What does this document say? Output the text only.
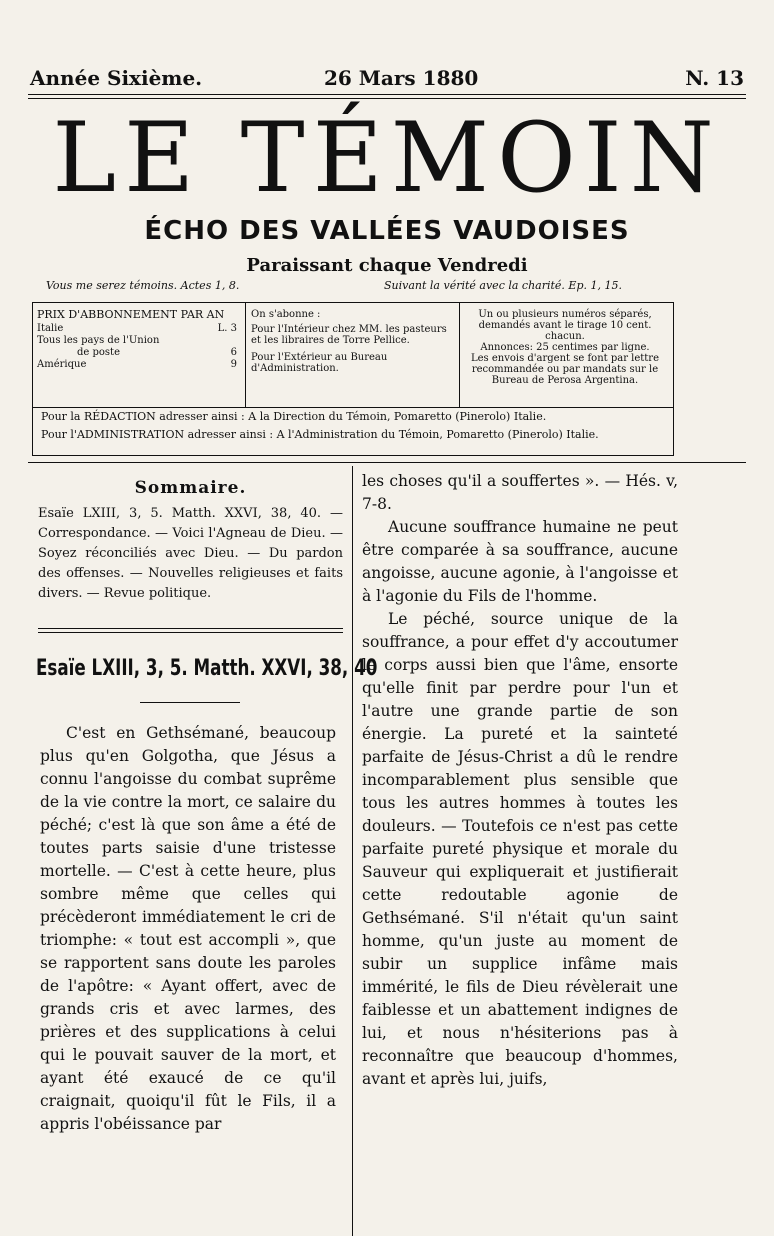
Année Sixième.	26 Mars 1880	N. 13
LE TÉMOIN
ÉCHO DES VALLÉES VAUDOISES
Paraissant chaque Vendredi
Vous me serez témoins. Actes 1, 8.	Suivant la vérité avec la charité. Ep. 1, 15.
PRIX D'ABBONNEMENT PAR AN
Italie	L. 3
Tous les pays de l'Union
de poste	6
Amérique	9
On s'abonne :
Pour l'Intérieur chez MM. les pasteurs et les libraires de Torre Pellice.
Pour l'Extérieur au Bureau d'Administration.
Un ou plusieurs numéros séparés, demandés avant le tirage 10 cent. chacun.
Annonces: 25 centimes par ligne.
Les envois d'argent se font par lettre recommandée ou par mandats sur le Bureau de Perosa Argentina.
Pour la RÉDACTION adresser ainsi : A la Direction du Témoin, Pomaretto (Pinerolo) Italie.
Pour l'ADMINISTRATION adresser ainsi : A l'Administration du Témoin, Pomaretto (Pinerolo) Italie.
Sommaire.
Esaïe LXIII, 3, 5. Matth. XXVI, 38, 40. — Correspondance. — Voici l'Agneau de Dieu. — Soyez réconciliés avec Dieu. — Du pardon des offenses. — Nouvelles religieuses et faits divers. — Revue politique.
Esaïe LXIII, 3, 5. Matth. XXVI, 38, 40

C'est en Gethsémané, beaucoup plus qu'en Golgotha, que Jésus a connu l'angoisse du combat suprême de la vie contre la mort, ce salaire du péché; c'est là que son âme a été de toutes parts saisie d'une tristesse mortelle. — C'est à cette heure, plus sombre même que celles qui précèderont immédiatement le cri de triomphe: « tout est accompli », que se rapportent sans doute les paroles de l'apôtre: « Ayant offert, avec de grands cris et avec larmes, des prières et des supplications à celui qui le pouvait sauver de la mort, et ayant été exaucé de ce qu'il craignait, quoiqu'il fût le Fils, il a appris l'obéissance par

les choses qu'il a souffertes ». — Hés. v, 7-8.

Aucune souffrance humaine ne peut être comparée à sa souffrance, aucune angoisse, aucune agonie, à l'angoisse et à l'agonie du Fils de l'homme.

Le péché, source unique de la souffrance, a pour effet d'y accoutumer le corps aussi bien que l'âme, ensorte qu'elle finit par perdre pour l'un et l'autre une grande partie de son énergie. La pureté et la sainteté parfaite de Jésus-Christ a dû le rendre incomparablement plus sensible que tous les autres hommes à toutes les douleurs. — Toutefois ce n'est pas cette parfaite pureté physique et morale du Sauveur qui expliquerait et justifierait cette redoutable agonie de Gethsémané. S'il n'était qu'un saint homme, qu'un juste au moment de subir un supplice infâme mais immérité, le fils de Dieu révèlerait une faiblesse et un abattement indignes de lui, et nous n'hésiterions pas à reconnaître que beaucoup d'hommes, avant et après lui, juifs,
